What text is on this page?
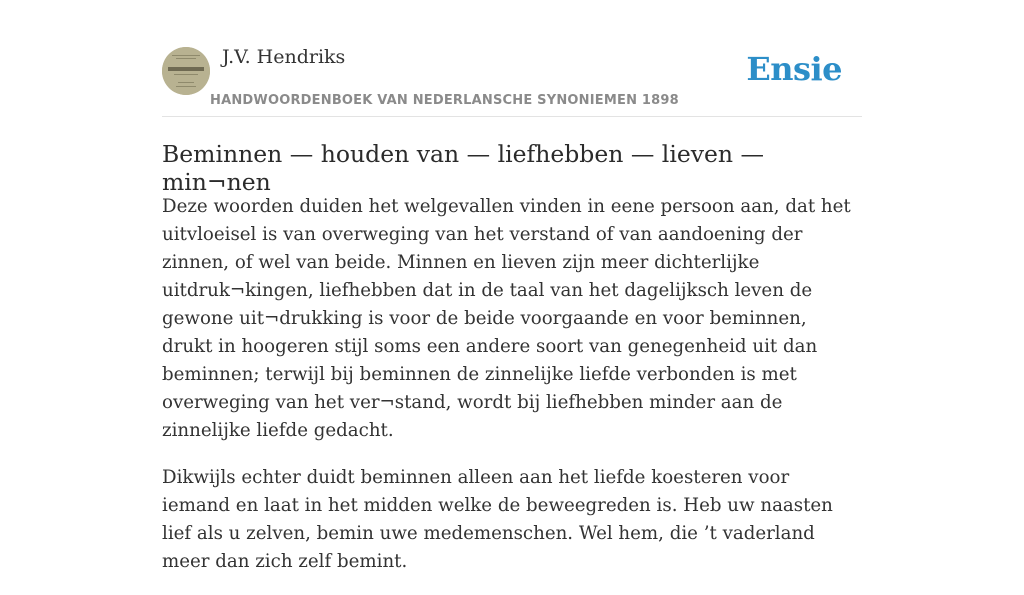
J.V. Hendriks
HANDWOORDENBOEK VAN NEDERLANSCHE SYNONIEMEN 1898
Ensie
Beminnen — houden van — liefhebben — lieven — min¬nen

Deze woorden duiden het welgevallen vinden in eene persoon aan, dat het uitvloeisel is van overweging van het verstand of van aandoening der zinnen, of wel van beide. Minnen en lieven zijn meer dichterlijke uitdruk¬kingen, liefhebben dat in de taal van het dagelijksch leven de gewone uit¬drukking is voor de beide voorgaande en voor beminnen, drukt in hoogeren stijl soms een andere soort van genegenheid uit dan beminnen; terwijl bij beminnen de zinnelijke liefde verbonden is met overweging van het ver¬stand, wordt bij liefhebben minder aan de zinnelijke liefde gedacht.

Dikwijls echter duidt beminnen alleen aan het liefde koesteren voor iemand en laat in het midden welke de beweegreden is. Heb uw naasten lief als u zelven, bemin uwe medemenschen. Wel hem, die ’t vaderland meer dan zich zelf bemint.
